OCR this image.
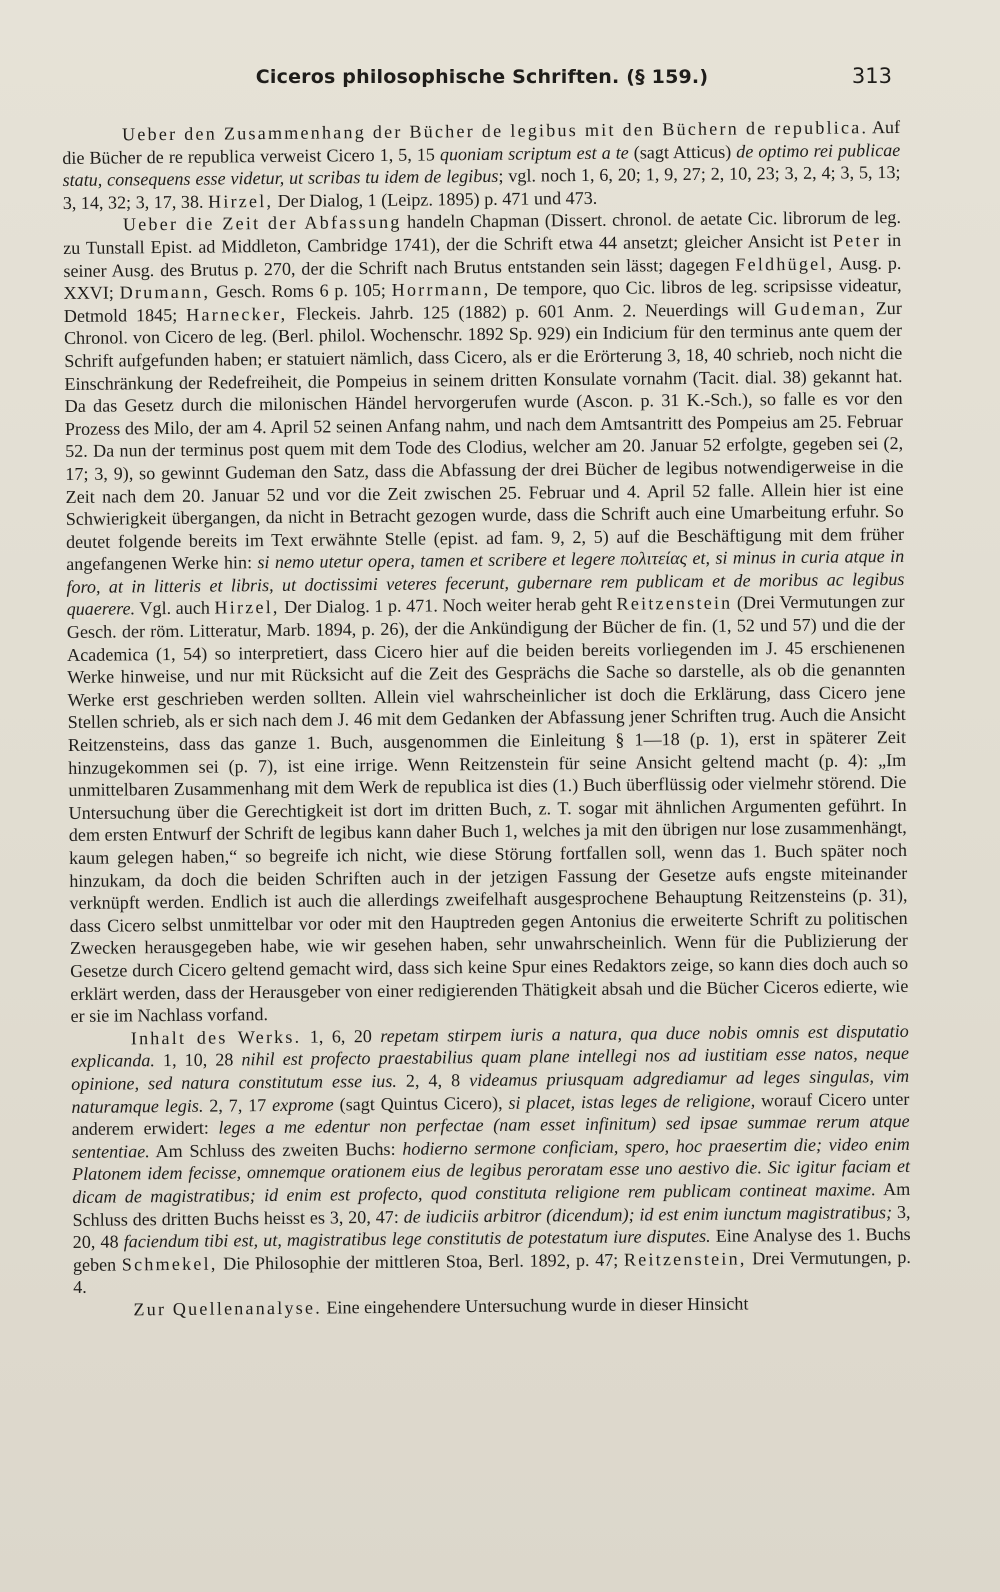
Ciceros philosophische Schriften. (§ 159.)	313

Ueber den Zusammenhang der Bücher de legibus mit den Büchern de republica. Auf die Bücher de re republica verweist Cicero 1, 5, 15 quoniam scriptum est a te (sagt Atticus) de optimo rei publicae statu, consequens esse videtur, ut scribas tu idem de legibus; vgl. noch 1, 6, 20; 1, 9, 27; 2, 10, 23; 3, 2, 4; 3, 5, 13; 3, 14, 32; 3, 17, 38. Hirzel, Der Dialog, 1 (Leipz. 1895) p. 471 und 473.

Ueber die Zeit der Abfassung handeln Chapman (Dissert. chronol. de aetate Cic. librorum de leg. zu Tunstall Epist. ad Middleton, Cambridge 1741), der die Schrift etwa 44 ansetzt; gleicher Ansicht ist Peter in seiner Ausg. des Brutus p. 270, der die Schrift nach Brutus entstanden sein lässt; dagegen Feldhügel, Ausg. p. XXVI; Drumann, Gesch. Roms 6 p. 105; Horrmann, De tempore, quo Cic. libros de leg. scripsisse videatur, Detmold 1845; Harnecker, Fleckeis. Jahrb. 125 (1882) p. 601 Anm. 2. Neuerdings will Gudeman, Zur Chronol. von Cicero de leg. (Berl. philol. Wochenschr. 1892 Sp. 929) ein Indicium für den terminus ante quem der Schrift aufgefunden haben; er statuiert nämlich, dass Cicero, als er die Erörterung 3, 18, 40 schrieb, noch nicht die Einschränkung der Redefreiheit, die Pompeius in seinem dritten Konsulate vornahm (Tacit. dial. 38) gekannt hat. Da das Gesetz durch die milonischen Händel hervorgerufen wurde (Ascon. p. 31 K.-Sch.), so falle es vor den Prozess des Milo, der am 4. April 52 seinen Anfang nahm, und nach dem Amtsantritt des Pompeius am 25. Februar 52. Da nun der terminus post quem mit dem Tode des Clodius, welcher am 20. Januar 52 erfolgte, gegeben sei (2, 17; 3, 9), so gewinnt Gudeman den Satz, dass die Abfassung der drei Bücher de legibus notwendigerweise in die Zeit nach dem 20. Januar 52 und vor die Zeit zwischen 25. Februar und 4. April 52 falle. Allein hier ist eine Schwierigkeit übergangen, da nicht in Betracht gezogen wurde, dass die Schrift auch eine Umarbeitung erfuhr. So deutet folgende bereits im Text erwähnte Stelle (epist. ad fam. 9, 2, 5) auf die Beschäftigung mit dem früher angefangenen Werke hin: si nemo utetur opera, tamen et scribere et legere πολιτείας et, si minus in curia atque in foro, at in litteris et libris, ut doctissimi veteres fecerunt, gubernare rem publicam et de moribus ac legibus quaerere. Vgl. auch Hirzel, Der Dialog. 1 p. 471. Noch weiter herab geht Reitzenstein (Drei Vermutungen zur Gesch. der röm. Litteratur, Marb. 1894, p. 26), der die Ankündigung der Bücher de fin. (1, 52 und 57) und die der Academica (1, 54) so interpretiert, dass Cicero hier auf die beiden bereits vorliegenden im J. 45 erschienenen Werke hinweise, und nur mit Rücksicht auf die Zeit des Gesprächs die Sache so darstelle, als ob die genannten Werke erst geschrieben werden sollten. Allein viel wahrscheinlicher ist doch die Erklärung, dass Cicero jene Stellen schrieb, als er sich nach dem J. 46 mit dem Gedanken der Abfassung jener Schriften trug. Auch die Ansicht Reitzensteins, dass das ganze 1. Buch, ausgenommen die Einleitung § 1—18 (p. 1), erst in späterer Zeit hinzugekommen sei (p. 7), ist eine irrige. Wenn Reitzenstein für seine Ansicht geltend macht (p. 4): „Im unmittelbaren Zusammenhang mit dem Werk de republica ist dies (1.) Buch überflüssig oder vielmehr störend. Die Untersuchung über die Gerechtigkeit ist dort im dritten Buch, z. T. sogar mit ähnlichen Argumenten geführt. In dem ersten Entwurf der Schrift de legibus kann daher Buch 1, welches ja mit den übrigen nur lose zusammenhängt, kaum gelegen haben,“ so begreife ich nicht, wie diese Störung fortfallen soll, wenn das 1. Buch später noch hinzukam, da doch die beiden Schriften auch in der jetzigen Fassung der Gesetze aufs engste miteinander verknüpft werden. Endlich ist auch die allerdings zweifelhaft ausgesprochene Behauptung Reitzensteins (p. 31), dass Cicero selbst unmittelbar vor oder mit den Hauptreden gegen Antonius die erweiterte Schrift zu politischen Zwecken herausgegeben habe, wie wir gesehen haben, sehr unwahrscheinlich. Wenn für die Publizierung der Gesetze durch Cicero geltend gemacht wird, dass sich keine Spur eines Redaktors zeige, so kann dies doch auch so erklärt werden, dass der Herausgeber von einer redigierenden Thätigkeit absah und die Bücher Ciceros edierte, wie er sie im Nachlass vorfand.

Inhalt des Werks. 1, 6, 20 repetam stirpem iuris a natura, qua duce nobis omnis est disputatio explicanda. 1, 10, 28 nihil est profecto praestabilius quam plane intellegi nos ad iustitiam esse natos, neque opinione, sed natura constitutum esse ius. 2, 4, 8 videamus priusquam adgrediamur ad leges singulas, vim naturamque legis. 2, 7, 17 exprome (sagt Quintus Cicero), si placet, istas leges de religione, worauf Cicero unter anderem erwidert: leges a me edentur non perfectae (nam esset infinitum) sed ipsae summae rerum atque sententiae. Am Schluss des zweiten Buchs: hodierno sermone conficiam, spero, hoc praesertim die; video enim Platonem idem fecisse, omnemque orationem eius de legibus peroratam esse uno aestivo die. Sic igitur faciam et dicam de magistratibus; id enim est profecto, quod constituta religione rem publicam contineat maxime. Am Schluss des dritten Buchs heisst es 3, 20, 47: de iudiciis arbitror (dicendum); id est enim iunctum magistratibus; 3, 20, 48 faciendum tibi est, ut, magistratibus lege constitutis de potestatum iure disputes. Eine Analyse des 1. Buchs geben Schmekel, Die Philosophie der mittleren Stoa, Berl. 1892, p. 47; Reitzenstein, Drei Vermutungen, p. 4.

Zur Quellenanalyse. Eine eingehendere Untersuchung wurde in dieser Hinsicht
